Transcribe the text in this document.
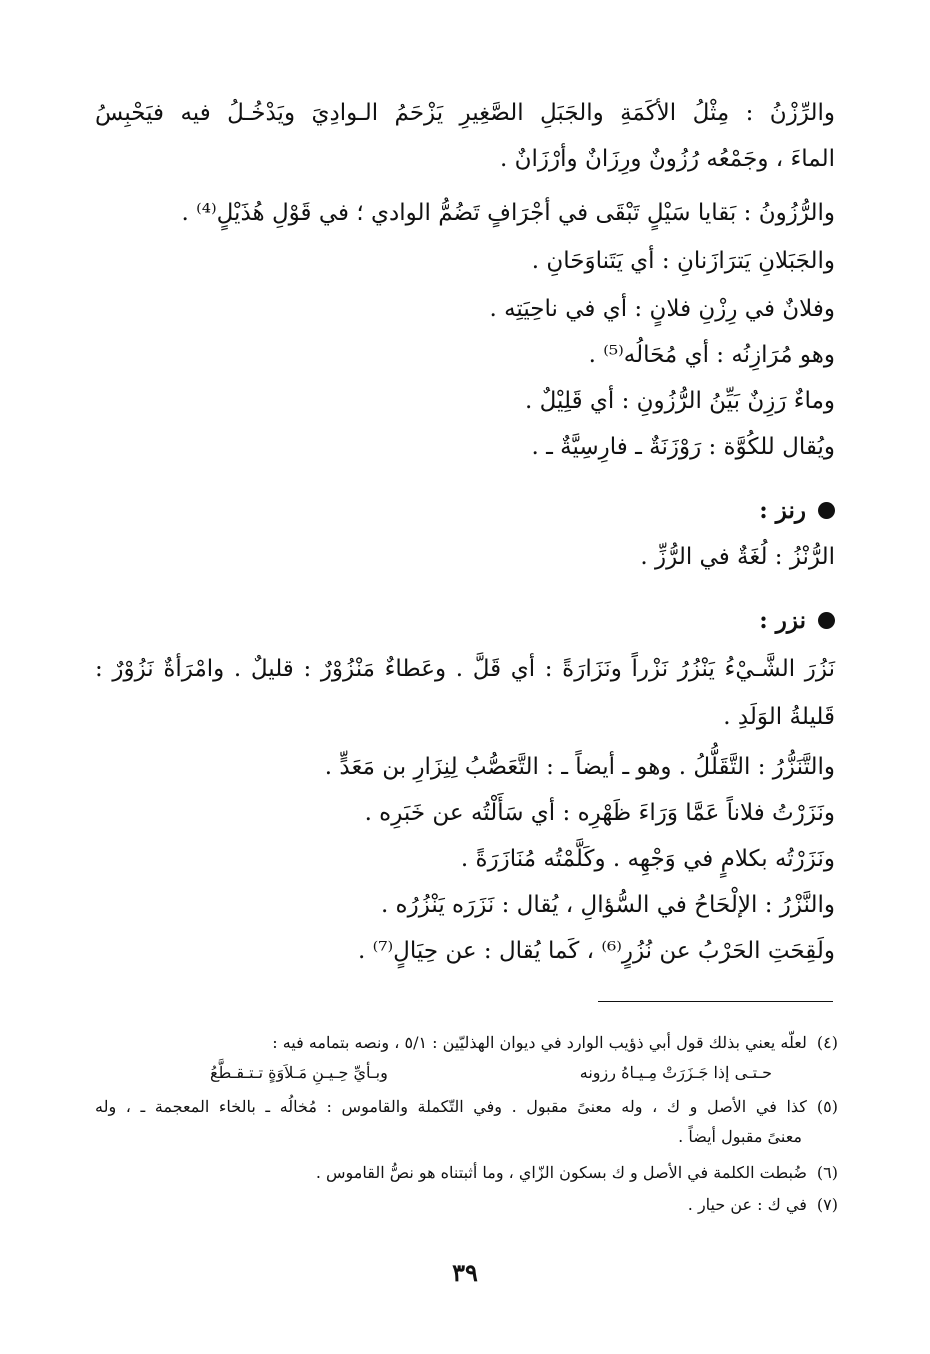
والرِّزْنُ : مِثْلُ الأكَمَةِ والجَبَلِ الصَّغِيرِ يَزْحَمُ الـوادِيَ ويَدْخُـلُ فيه فيَحْبِسُ
الماءَ ، وجَمْعُه رُزُونٌ ورِزَانٌ وأرْزَانٌ .
والرُّزُونُ : بَقايا سَيْلٍ تَبْقَى في أجْرَافٍ تَضُمُّ الوادي ؛ في قَوْلِ هُذَيْلٍ⁽⁴⁾ .
والجَبَلانِ يَترَازَنانِ : أي يَتَناوَحَانِ .
وفلانٌ في رِزْنِ فلانٍ : أي في ناحِيَتِه .
وهو مُرَازِنُه : أي مُحَالُه⁽⁵⁾ .
وماءٌ رَزِنٌ بَيِّنُ الرُّزُونِ : أي قَلِيْلٌ .
ويُقال للكُوَّة : رَوْزَنَةٌ ـ فارِسِيَّةٌ ـ .
رنز :
الرُّنْزُ : لُغَةٌ في الرُّزِّ .
نزر :
نَزُرَ الشَّـيْءُ يَنْزُرُ نَزْراً ونَزَارَةً : أي قَلَّ . وعَطاءٌ مَنْزُوْرٌ : قليلٌ . وامْرَأةٌ نَزُوْرٌ :
قَليلةُ الوَلَدِ .
والتَّنَزُّرُ : التَّقَلُّلُ . وهو ـ أيضاً ـ : التَّعَصُّبُ لِنِزَارِ بن مَعَدٍّ .
ونَزَرْتُ فلاناً عَمَّا وَرَاءَ ظَهْرِه : أي سَأَلْتُه عن خَبَرِه .
ونَزَرْتُه بكلامٍ في وَجْهِه . وكَلَّمْتُه مُنَازَرَةً .
والنَّزْرُ : الإلْحَاحُ في السُّؤالِ ، يُقال : نَزَرَه يَنْزُرُه .
ولَقِحَتِ الحَرْبُ عن نُزُرٍ⁽⁶⁾ ، كَما يُقال : عن حِيَالٍ⁽⁷⁾ .
(٤)لعلّه يعني بذلك قول أبي ذؤيب الوارد في ديوان الهذليّين : ٥/١ ، ونصه بتمامه فيه :
حـتـى إذا جَـزَرَتْ مِـيـاهُ رزونه
وبـأيِّ حِـيـنِ مَـلاَوَةٍ تـتـقـطَّعُ
(٥)كذا في الأصل و ك ، وله معنىً مقبول . وفي التّكملة والقاموس : مُخالُه ـ بالخاء المعجمة ـ ، وله
معنىً مقبول أيضاً .
(٦)ضُبطت الكلمة في الأصل و ك بسكون الزّاي ، وما أثبتناه هو نصُّ القاموس .
(٧)في ك : عن حيار .
٣٩
